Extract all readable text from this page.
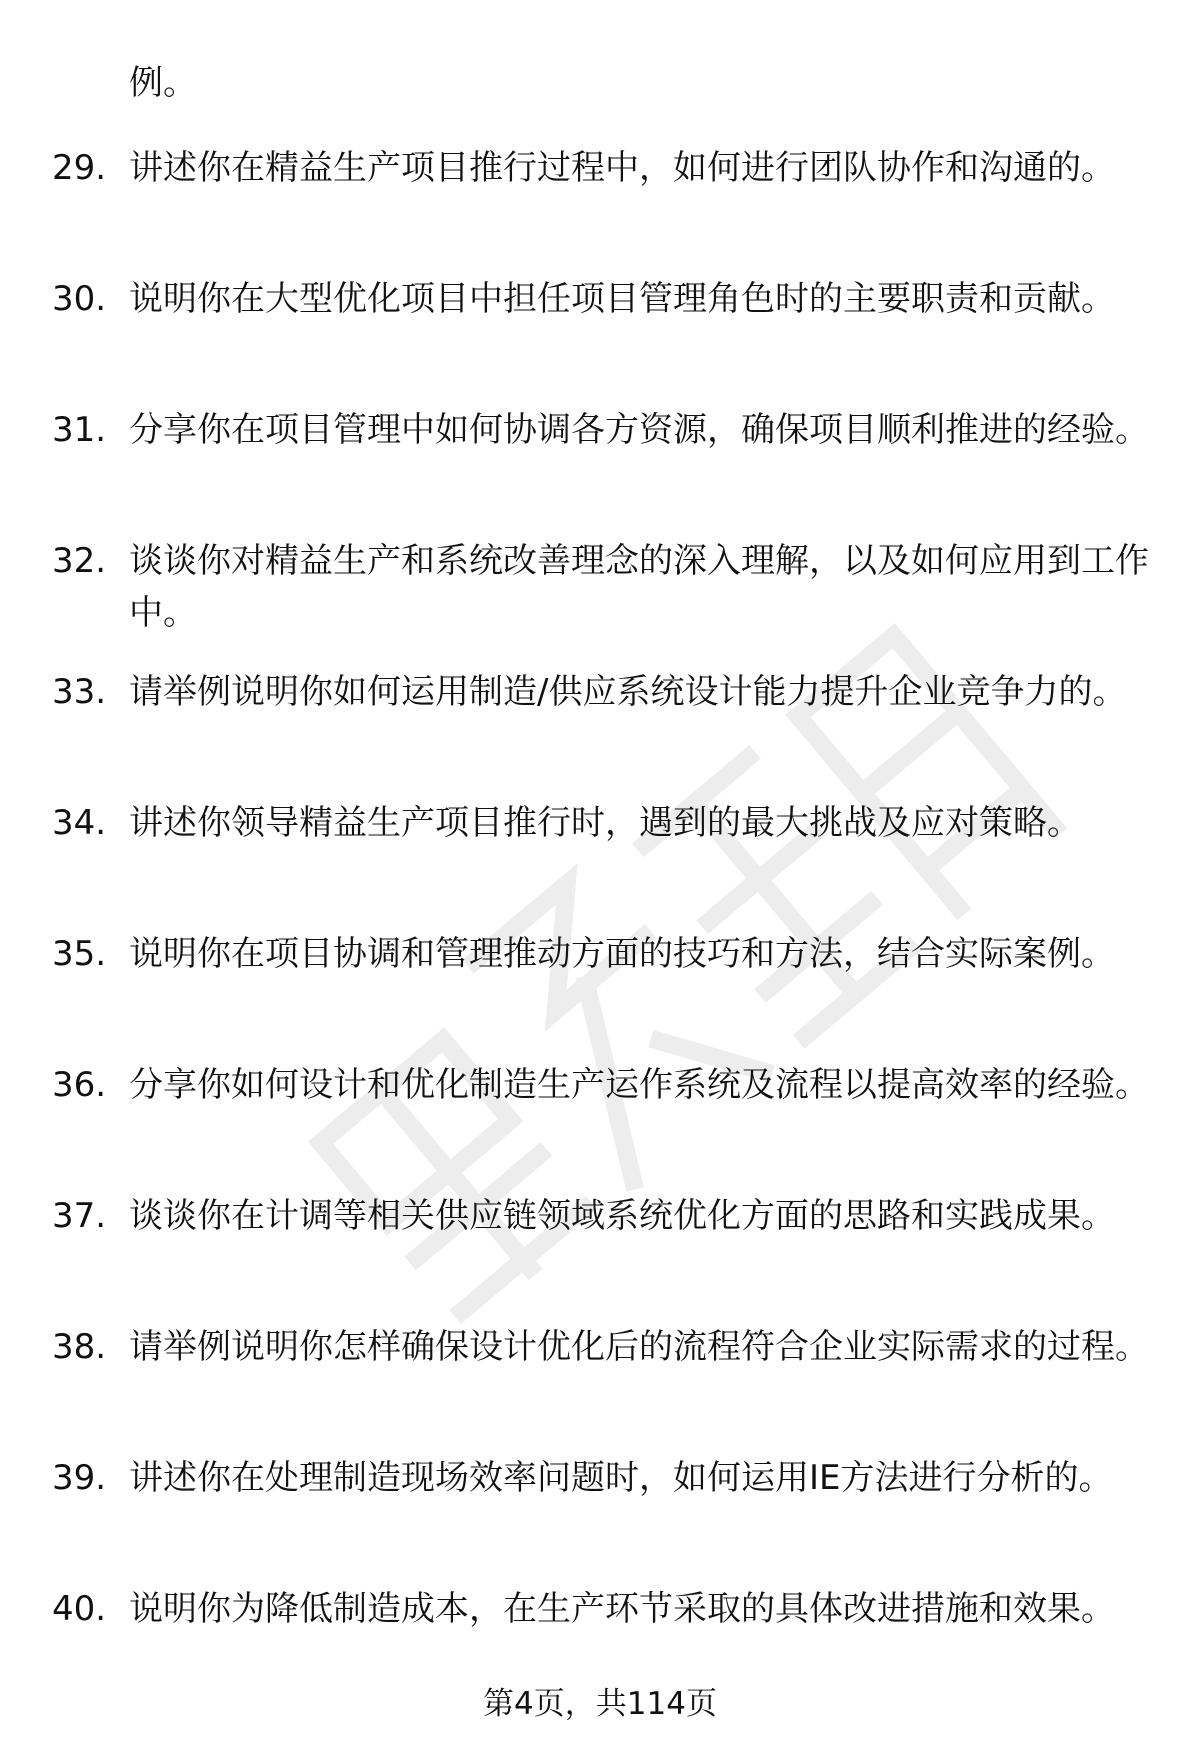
例。
29. 讲述你在精益生产项目推行过程中，如何进行团队协作和沟通的。
30. 说明你在大型优化项目中担任项目管理角色时的主要职责和贡献。
31. 分享你在项目管理中如何协调各方资源，确保项目顺利推进的经验。
32. 谈谈你对精益生产和系统改善理念的深入理解，以及如何应用到工作中。
33. 请举例说明你如何运用制造/供应系统设计能力提升企业竞争力的。
34. 讲述你领导精益生产项目推行时，遇到的最大挑战及应对策略。
35. 说明你在项目协调和管理推动方面的技巧和方法，结合实际案例。
36. 分享你如何设计和优化制造生产运作系统及流程以提高效率的经验。
37. 谈谈你在计调等相关供应链领域系统优化方面的思路和实践成果。
38. 请举例说明你怎样确保设计优化后的流程符合企业实际需求的过程。
39. 讲述你在处理制造现场效率问题时，如何运用IE方法进行分析的。
40. 说明你为降低制造成本，在生产环节采取的具体改进措施和效果。
第4页，共114页
